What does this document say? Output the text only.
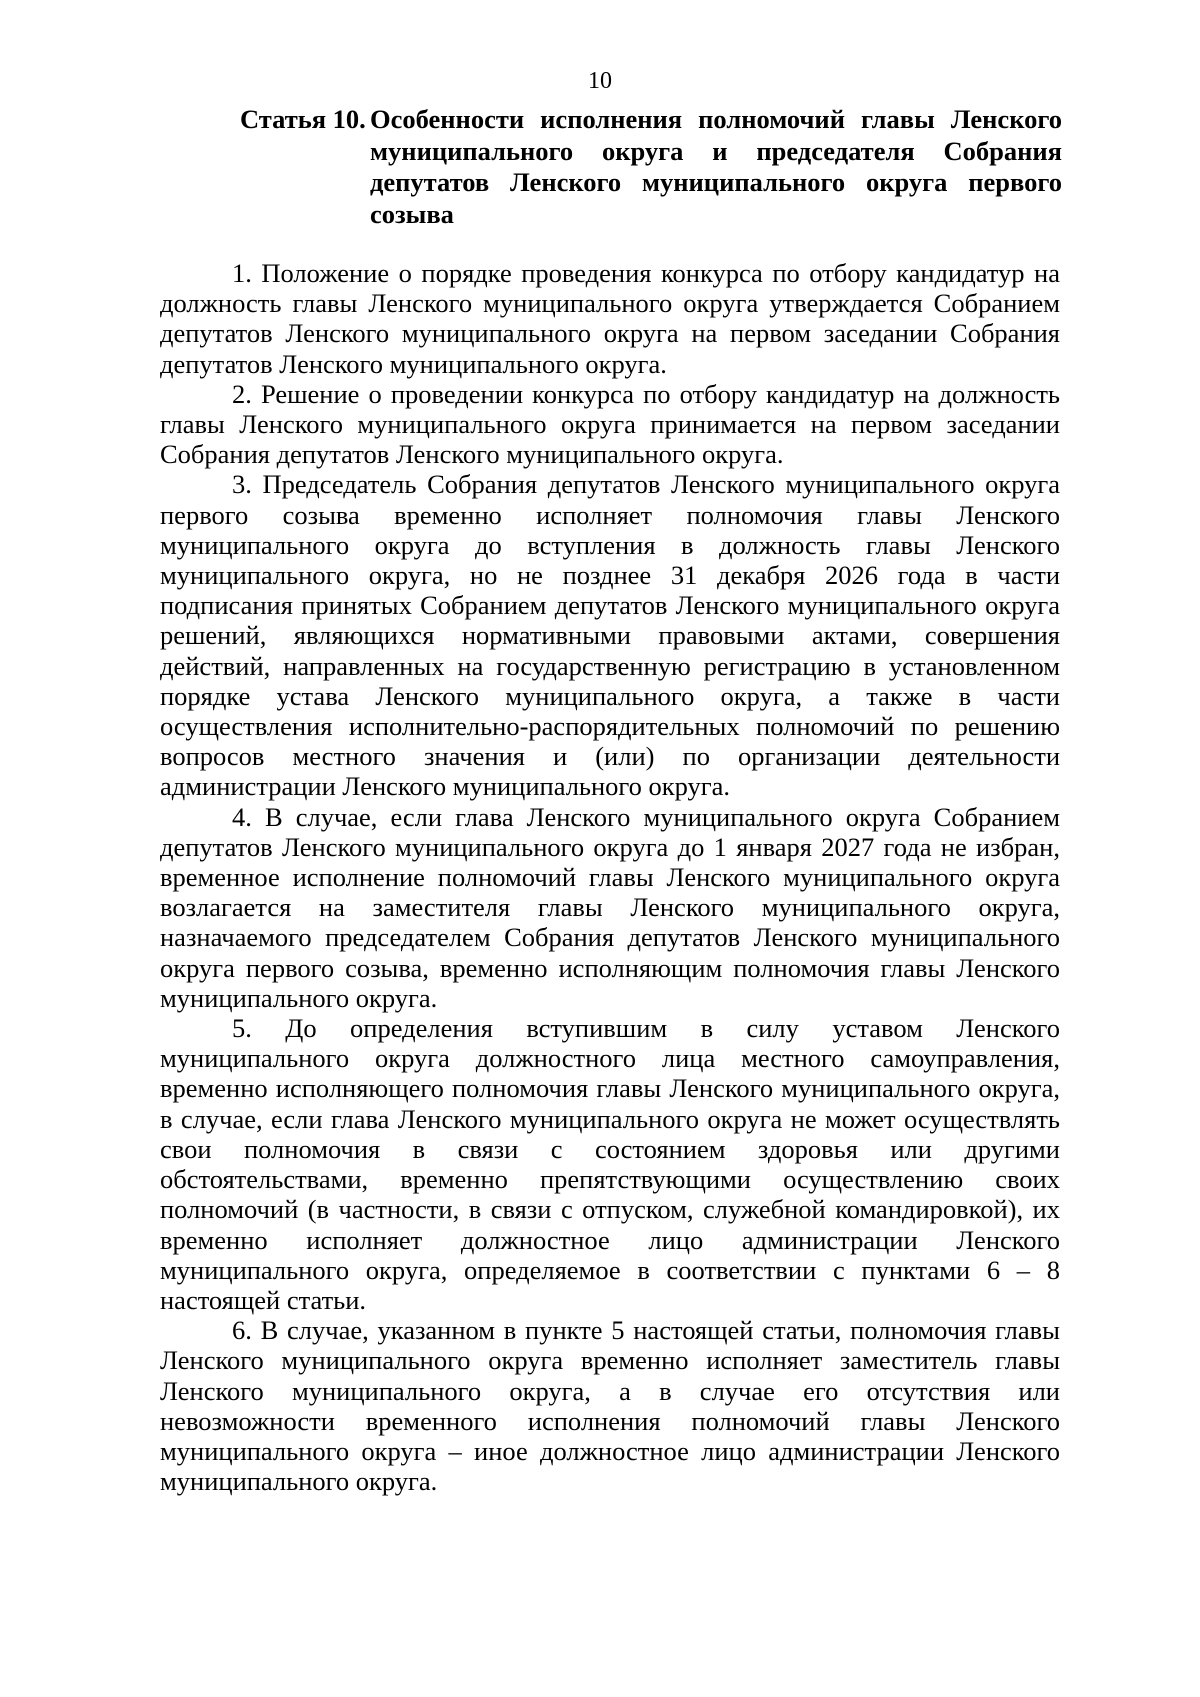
10
Статья 10. Особенности исполнения полномочий главы Ленского муниципального округа и председателя Собрания депутатов Ленского муниципального округа первого созыва

1. Положение о порядке проведения конкурса по отбору кандидатур на должность главы Ленского муниципального округа утверждается Собранием депутатов Ленского муниципального округа на первом заседании Собрания депутатов Ленского муниципального округа.

2. Решение о проведении конкурса по отбору кандидатур на должность главы Ленского муниципального округа принимается на первом заседании Собрания депутатов Ленского муниципального округа.

3. Председатель Собрания депутатов Ленского муниципального округа первого созыва временно исполняет полномочия главы Ленского муниципального округа до вступления в должность главы Ленского муниципального округа, но не позднее 31 декабря 2026 года в части подписания принятых Собранием депутатов Ленского муниципального округа решений, являющихся нормативными правовыми актами, совершения действий, направленных на государственную регистрацию в установленном порядке устава Ленского муниципального округа, а также в части осуществления исполнительно-распорядительных полномочий по решению вопросов местного значения и (или) по организации деятельности администрации Ленского муниципального округа.

4. В случае, если глава Ленского муниципального округа Собранием депутатов Ленского муниципального округа до 1 января 2027 года не избран, временное исполнение полномочий главы Ленского муниципального округа возлагается на заместителя главы Ленского муниципального округа, назначаемого председателем Собрания депутатов Ленского муниципального округа первого созыва, временно исполняющим полномочия главы Ленского муниципального округа.

5. До определения вступившим в силу уставом Ленского муниципального округа должностного лица местного самоуправления, временно исполняющего полномочия главы Ленского муниципального округа, в случае, если глава Ленского муниципального округа не может осуществлять свои полномочия в связи с состоянием здоровья или другими обстоятельствами, временно препятствующими осуществлению своих полномочий (в частности, в связи с отпуском, служебной командировкой), их временно исполняет должностное лицо администрации Ленского муниципального округа, определяемое в соответствии с пунктами 6 – 8 настоящей статьи.

6. В случае, указанном в пункте 5 настоящей статьи, полномочия главы Ленского муниципального округа временно исполняет заместитель главы Ленского муниципального округа, а в случае его отсутствия или невозможности временного исполнения полномочий главы Ленского муниципального округа – иное должностное лицо администрации Ленского муниципального округа.
